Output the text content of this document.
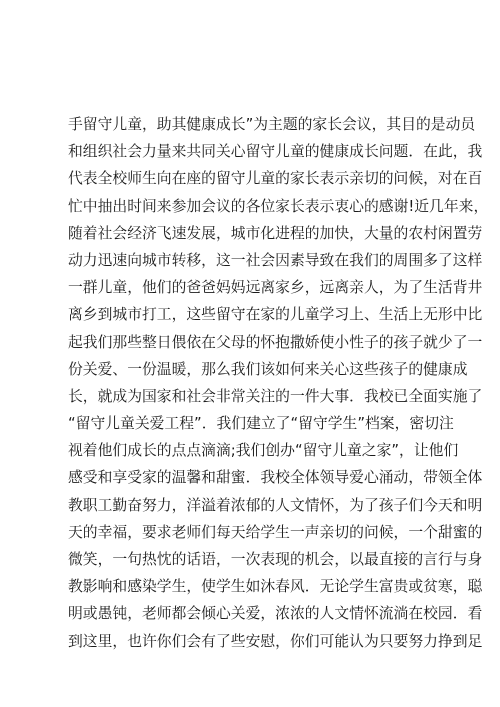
手留守儿童，助其健康成长”为主题的家长会议，其目的是动员
和组织社会力量来共同关心留守儿童的健康成长问题．在此，我
代表全校师生向在座的留守儿童的家长表示亲切的问候，对在百
忙中抽出时间来参加会议的各位家长表示衷心的感谢!近几年来，
随着社会经济飞速发展，城市化进程的加快，大量的农村闲置劳
动力迅速向城市转移，这一社会因素导致在我们的周围多了这样
一群儿童，他们的爸爸妈妈远离家乡，远离亲人，为了生活背井
离乡到城市打工，这些留守在家的儿童学习上、生活上无形中比
起我们那些整日偎依在父母的怀抱撒娇使小性子的孩子就少了一
份关爱、一份温暖，那么我们该如何来关心这些孩子的健康成
长，就成为国家和社会非常关注的一件大事．我校已全面实施了
“留守儿童关爱工程”．我们建立了“留守学生”档案，密切注
视着他们成长的点点滴滴;我们创办“留守儿童之家”，让他们
感受和享受家的温馨和甜蜜．我校全体领导爱心涌动，带领全体
教职工勤奋努力，洋溢着浓郁的人文情怀，为了孩子们今天和明
天的幸福，要求老师们每天给学生一声亲切的问候，一个甜蜜的
微笑，一句热忱的话语，一次表现的机会，以最直接的言行与身
教影响和感染学生，使学生如沐春风．无论学生富贵或贫寒，聪
明或愚钝，老师都会倾心关爱，浓浓的人文情怀流淌在校园．看
到这里，也许你们会有了些安慰，你们可能认为只要努力挣到足
